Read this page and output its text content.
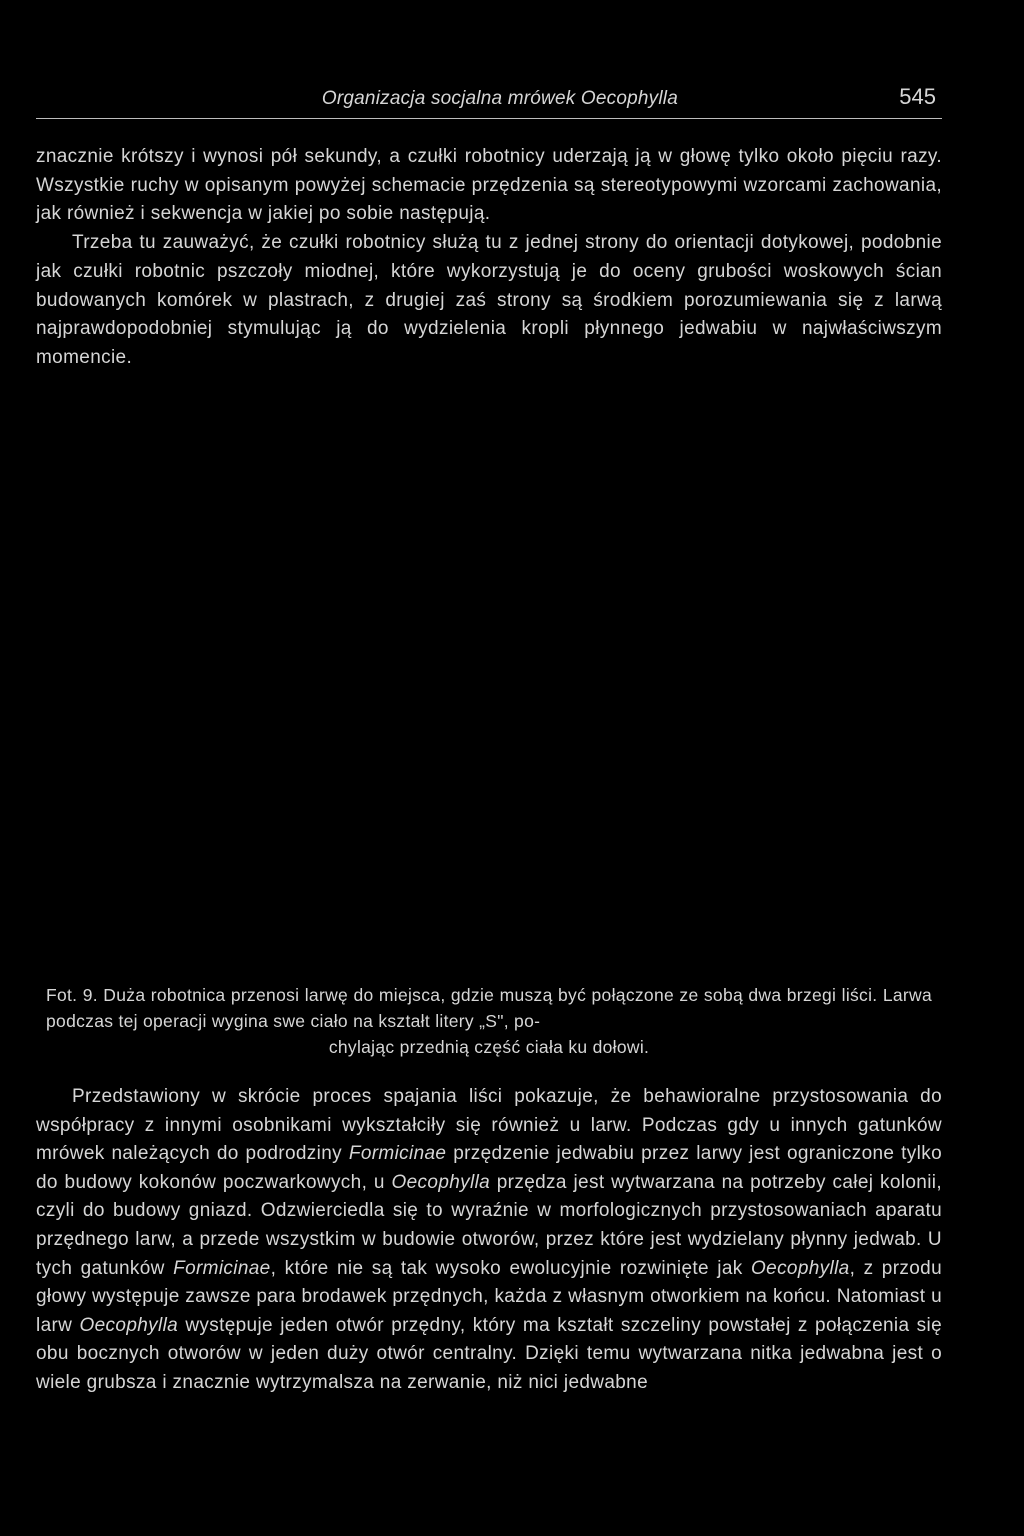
Organizacja socjalna mrówek Oecophylla	545

znacznie krótszy i wynosi pół sekundy, a czułki robotnicy uderzają ją w głowę tylko około pięciu razy. Wszystkie ruchy w opisanym powyżej schemacie przędzenia są stereotypowymi wzorcami zachowania, jak również i sekwencja w jakiej po sobie następują.

Trzeba tu zauważyć, że czułki robotnicy służą tu z jednej strony do orientacji dotykowej, podobnie jak czułki robotnic pszczoły miodnej, które wykorzystują je do oceny grubości woskowych ścian budowanych komórek w plastrach, z drugiej zaś strony są środkiem porozumiewania się z larwą najprawdopodobniej stymulując ją do wydzielenia kropli płynnego jedwabiu w najwłaściwszym momencie.

Fot. 9. Duża robotnica przenosi larwę do miejsca, gdzie muszą być połączone ze sobą dwa brzegi liści. Larwa podczas tej operacji wygina swe ciało na kształt litery „S", po-
chylając przednią część ciała ku dołowi.

Przedstawiony w skrócie proces spajania liści pokazuje, że behawioralne przystosowania do współpracy z innymi osobnikami wykształciły się również u larw. Podczas gdy u innych gatunków mrówek należących do podrodziny Formicinae przędzenie jedwabiu przez larwy jest ograniczone tylko do budowy kokonów poczwarkowych, u Oecophylla przędza jest wytwarzana na potrzeby całej kolonii, czyli do budowy gniazd. Odzwierciedla się to wyraźnie w morfologicznych przystosowaniach aparatu przędnego larw, a przede wszystkim w budowie otworów, przez które jest wydzielany płynny jedwab. U tych gatunków Formicinae, które nie są tak wysoko ewolucyjnie rozwinięte jak Oecophylla, z przodu głowy występuje zawsze para brodawek przędnych, każda z własnym otworkiem na końcu. Natomiast u larw Oecophylla występuje jeden otwór przędny, który ma kształt szczeliny powstałej z połączenia się obu bocznych otworów w jeden duży otwór centralny. Dzięki temu wytwarzana nitka jedwabna jest o wiele grubsza i znacznie wytrzymalsza na zerwanie, niż nici jedwabne
